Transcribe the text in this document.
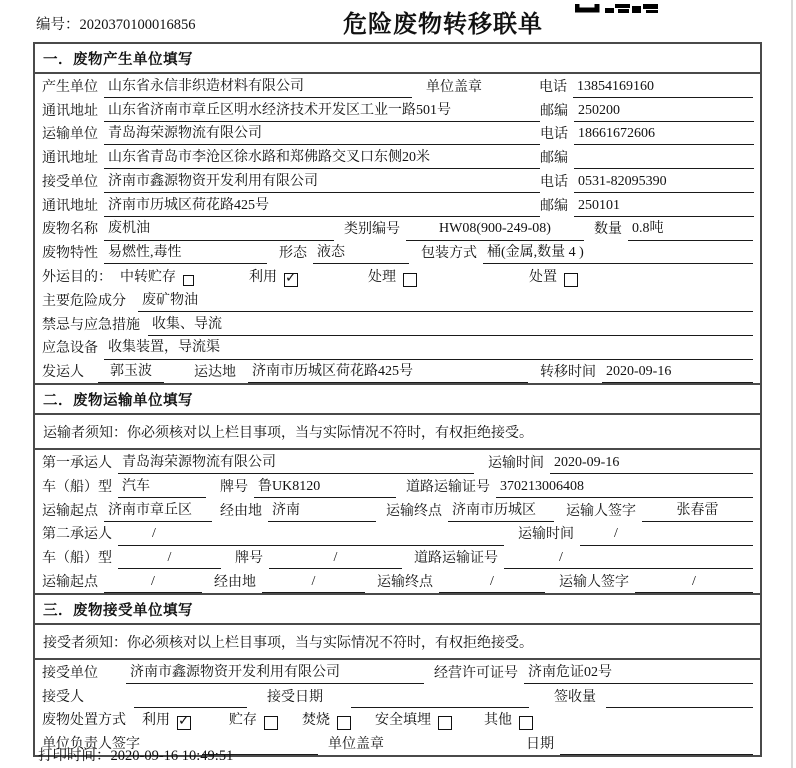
编号：2020370100016856	危险废物转移联单
一．废物产生单位填写
产生单位 山东省永信非织造材料有限公司	单位盖章	电话 13854169160
通讯地址 山东省济南市章丘区明水经济技术开发区工业一路501号	邮编 250200
运输单位 青岛海荣源物流有限公司	电话 18661672606
通讯地址 山东省青岛市李沧区徐水路和郑佛路交叉口东侧20米	邮编
接受单位 济南市鑫源物资开发利用有限公司	电话 0531-82095390
通讯地址 济南市历城区荷花路425号	邮编 250101
废物名称 废机油	类别编号	HW08(900-249-08)	数量 0.8吨
废物特性 易燃性,毒性	形态 液态	包装方式 桶(金属,数量 4 )
外运目的： 中转贮存	利用 ✓	处理	处置
主要危险成分 废矿物油
禁忌与应急措施 收集、导流
应急设备 收集装置，导流渠
发运人	郭玉波	运达地 济南市历城区荷花路425号	转移时间 2020-09-16
二．废物运输单位填写
运输者须知：你必须核对以上栏目事项，当与实际情况不符时，有权拒绝接受。
第一承运人 青岛海荣源物流有限公司	运输时间 2020-09-16
车（船）型 汽车	牌号 鲁UK8120	道路运输证号 370213006408
运输起点 济南市章丘区	经由地 济南	运输终点 济南市历城区	运输人签字	张春雷
第二承运人	/	运输时间	/
车（船）型	/	牌号	/	道路运输证号	/
运输起点	/	经由地	/	运输终点	/	运输人签字	/
三．废物接受单位填写
接受者须知：你必须核对以上栏目事项，当与实际情况不符时，有权拒绝接受。
接受单位 济南市鑫源物资开发利用有限公司	经营许可证号 济南危证02号
接受人	接受日期	签收量
废物处置方式 利用 ✓	贮存	焚烧	安全填埋	其他
单位负责人签字	单位盖章	日期
打印时间：2020-09-16 10:49:51
